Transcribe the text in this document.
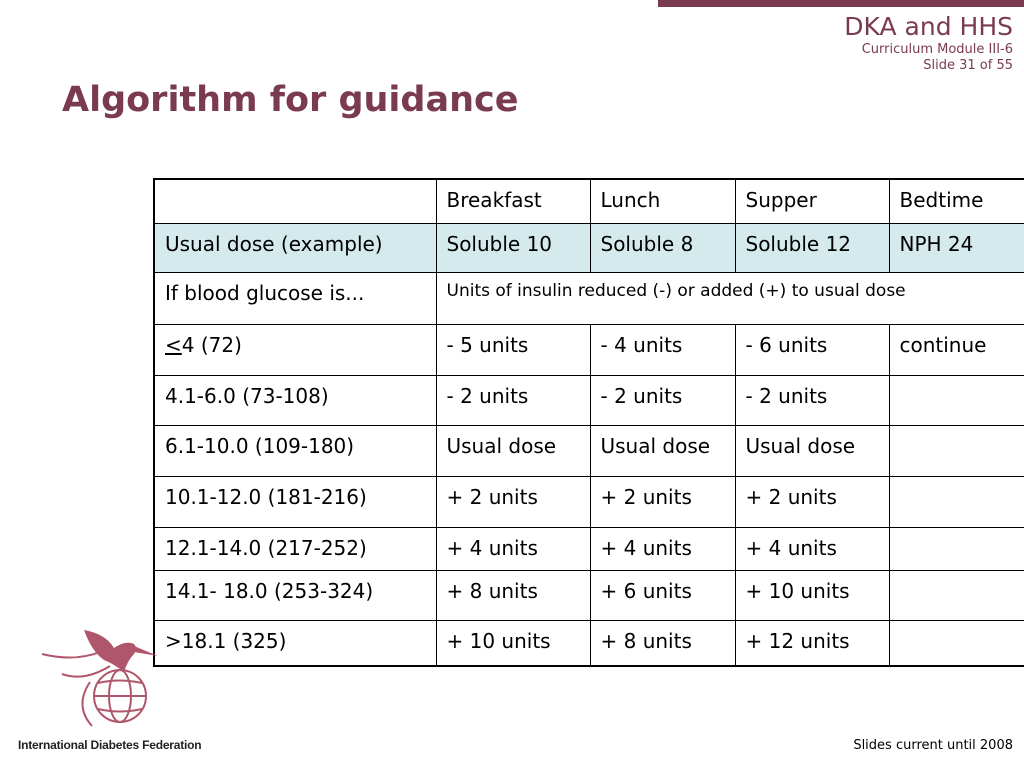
DKA and HHS
Curriculum Module III-6
Slide 31 of 55
Algorithm for guidance
	Breakfast	Lunch	Supper	Bedtime
Usual dose (example)	Soluble 10	Soluble 8	Soluble 12	NPH 24
If blood glucose is...	Units of insulin reduced (-) or added (+) to usual dose			
≤4 (72)	- 5 units	- 4 units	- 6 units	continue
4.1-6.0 (73-108)	- 2 units	- 2 units	- 2 units	
6.1-10.0 (109-180)	Usual dose	Usual dose	Usual dose	
10.1-12.0 (181-216)	+ 2 units	+ 2 units	+ 2 units	
12.1-14.0 (217-252)	+ 4 units	+ 4 units	+ 4 units	
14.1- 18.0 (253-324)	+ 8 units	+ 6 units	+ 10 units	
>18.1 (325)	+ 10 units	+ 8 units	+ 12 units	
International Diabetes Federation	Slides current until 2008
